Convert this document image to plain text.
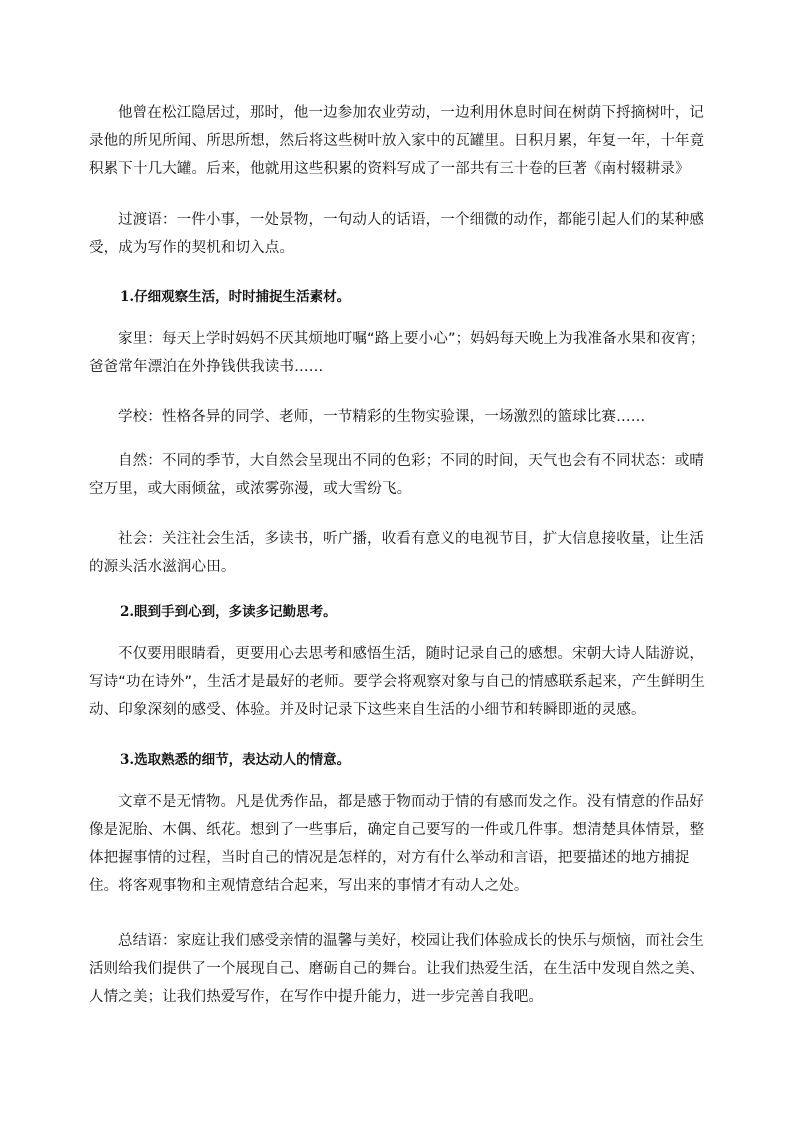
他曾在松江隐居过，那时，他一边参加农业劳动，一边利用休息时间在树荫下捋摘树叶，记录他的所见所闻、所思所想，然后将这些树叶放入家中的瓦罐里。日积月累，年复一年，十年竟积累下十几大罐。后来，他就用这些积累的资料写成了一部共有三十卷的巨著《南村辍耕录》

过渡语：一件小事，一处景物，一句动人的话语，一个细微的动作，都能引起人们的某种感受，成为写作的契机和切入点。

1.仔细观察生活，时时捕捉生活素材。

家里：每天上学时妈妈不厌其烦地叮嘱“路上要小心”；妈妈每天晚上为我准备水果和夜宵；爸爸常年漂泊在外挣钱供我读书……

学校：性格各异的同学、老师，一节精彩的生物实验课，一场激烈的篮球比赛……

自然：不同的季节，大自然会呈现出不同的色彩；不同的时间，天气也会有不同状态：或晴空万里，或大雨倾盆，或浓雾弥漫，或大雪纷飞。

社会：关注社会生活，多读书，听广播，收看有意义的电视节目，扩大信息接收量，让生活的源头活水滋润心田。

2.眼到手到心到，多读多记勤思考。

不仅要用眼睛看，更要用心去思考和感悟生活，随时记录自己的感想。宋朝大诗人陆游说，写诗“功在诗外”，生活才是最好的老师。要学会将观察对象与自己的情感联系起来，产生鲜明生动、印象深刻的感受、体验。并及时记录下这些来自生活的小细节和转瞬即逝的灵感。

3.选取熟悉的细节，表达动人的情意。

文章不是无情物。凡是优秀作品，都是感于物而动于情的有感而发之作。没有情意的作品好像是泥胎、木偶、纸花。想到了一些事后，确定自己要写的一件或几件事。想清楚具体情景，整体把握事情的过程，当时自己的情况是怎样的，对方有什么举动和言语，把要描述的地方捕捉住。将客观事物和主观情意结合起来，写出来的事情才有动人之处。

总结语：家庭让我们感受亲情的温馨与美好，校园让我们体验成长的快乐与烦恼，而社会生活则给我们提供了一个展现自己、磨砺自己的舞台。让我们热爱生活，在生活中发现自然之美、人情之美；让我们热爱写作，在写作中提升能力，进一步完善自我吧。
